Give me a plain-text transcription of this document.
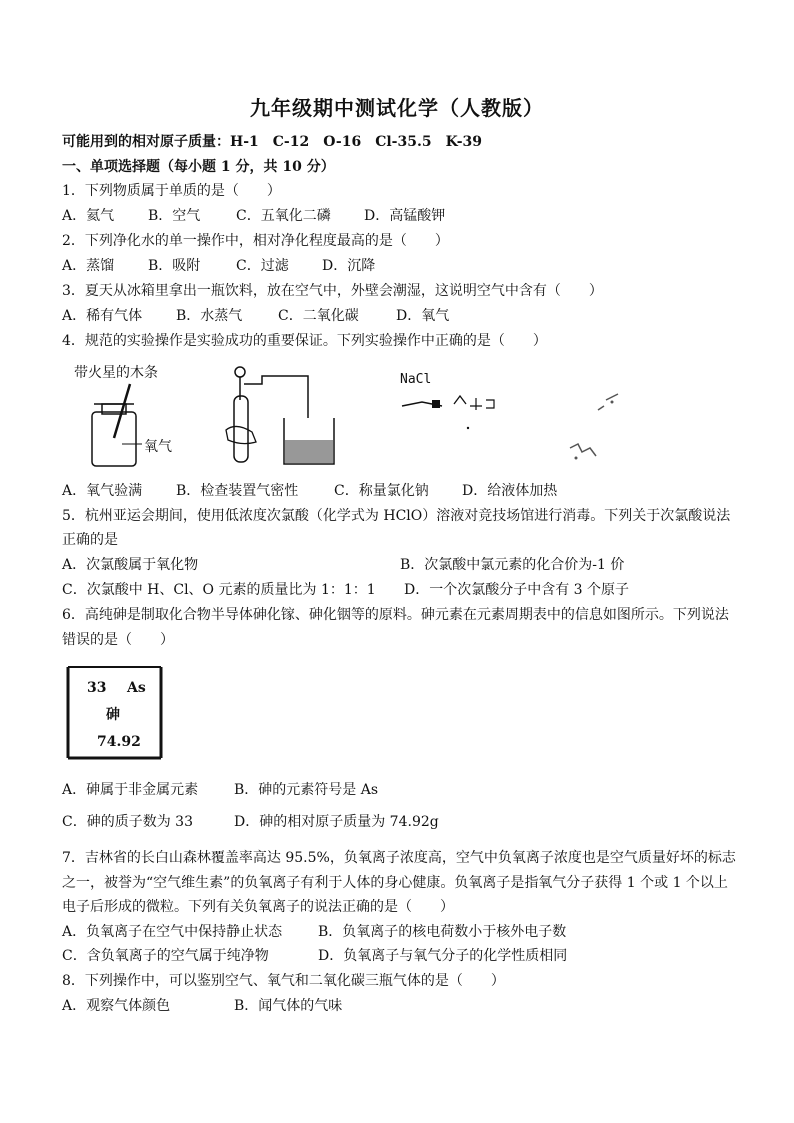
九年级期中测试化学（人教版）
可能用到的相对原子质量：H-1　C-12　O-16　Cl-35.5　K-39
一、单项选择题（每小题 1 分，共 10 分）
1．下列物质属于单质的是（　　）
A．氦气 B．空气	C．五氧化二磷 D．高锰酸钾
2．下列净化水的单一操作中，相对净化程度最高的是（　　）
A．蒸馏 B．吸附	C．过滤 D．沉降
3．夏天从冰箱里拿出一瓶饮料，放在空气中，外壁会潮湿，这说明空气中含有（　　）
A．稀有气体 B．水蒸气	C．二氧化碳	D．氧气
4．规范的实验操作是实验成功的重要保证。下列实验操作中正确的是（　　）
带火星的木条
氧气
NaCl
A．氧气验满 B．检查装置气密性	C．称量氯化钠 D．给液体加热
5．杭州亚运会期间，使用低浓度次氯酸（化学式为 HClO）溶液对竞技场馆进行消毒。下列关于次氯酸说法
正确的是
A．次氯酸属于氧化物	B．次氯酸中氯元素的化合价为-1 价
C．次氯酸中 H、Cl、O 元素的质量比为 1：1：1 D．一个次氯酸分子中含有 3 个原子
6．高纯砷是制取化合物半导体砷化镓、砷化铟等的原料。砷元素在元素周期表中的信息如图所示。下列说法
错误的是（　　）
33 As
砷
74.92
A．砷属于非金属元素	B．砷的元素符号是 As
C．砷的质子数为 33	D．砷的相对原子质量为 74.92g
7．吉林省的长白山森林覆盖率高达 95.5%，负氧离子浓度高，空气中负氧离子浓度也是空气质量好坏的标志
之一，被誉为“空气维生素”的负氧离子有利于人体的身心健康。负氧离子是指氧气分子获得 1 个或 1 个以上
电子后形成的微粒。下列有关负氧离子的说法正确的是（　　）
A．负氧离子在空气中保持静止状态	B．负氧离子的核电荷数小于核外电子数
C．含负氧离子的空气属于纯净物	D．负氧离子与氧气分子的化学性质相同
8．下列操作中，可以鉴别空气、氧气和二氧化碳三瓶气体的是（　　）
A．观察气体颜色	B．闻气体的气味
